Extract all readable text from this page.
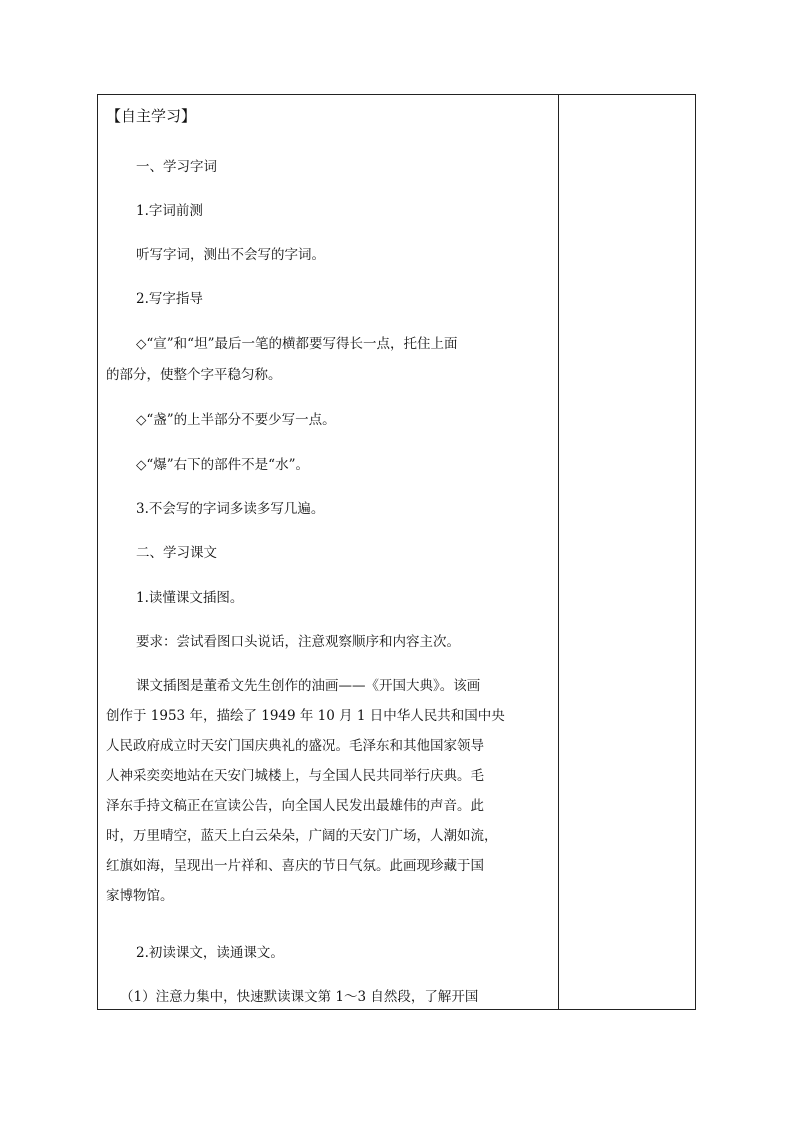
【自主学习】
一、学习字词
1.字词前测
听写字词，测出不会写的字词。
2.写字指导
◇“宣”和“坦”最后一笔的横都要写得长一点，托住上面
的部分，使整个字平稳匀称。
◇“盏”的上半部分不要少写一点。
◇“爆”右下的部件不是“水”。
3.不会写的字词多读多写几遍。
二、学习课文
1.读懂课文插图。
要求：尝试看图口头说话，注意观察顺序和内容主次。
课文插图是董希文先生创作的油画——《开国大典》。该画
创作于 1953 年，描绘了 1949 年 10 月 1 日中华人民共和国中央
人民政府成立时天安门国庆典礼的盛况。毛泽东和其他国家领导
人神采奕奕地站在天安门城楼上，与全国人民共同举行庆典。毛
泽东手持文稿正在宣读公告，向全国人民发出最雄伟的声音。此
时，万里晴空，蓝天上白云朵朵，广阔的天安门广场，人潮如流，
红旗如海，呈现出一片祥和、喜庆的节日气氛。此画现珍藏于国
家博物馆。
2.初读课文，读通课文。
（1）注意力集中，快速默读课文第 1～3 自然段，了解开国
